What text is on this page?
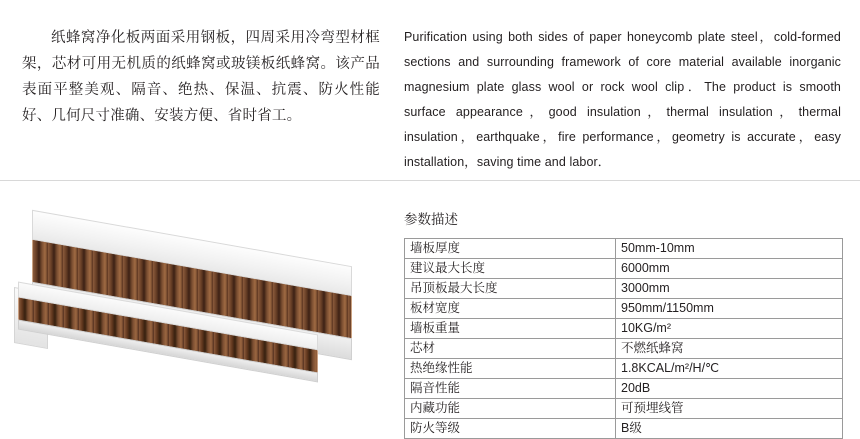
纸蜂窝净化板两面采用钢板，四周采用冷弯型材框架，芯材可用无机质的纸蜂窝或玻镁板纸蜂窝。该产品表面平整美观、隔音、绝热、保温、抗震、防火性能好、几何尺寸准确、安装方便、省时省工。

Purification using both sides of paper honeycomb plate steel，cold-formed sections and surrounding framework of core material available inorganic magnesium plate glass wool or rock wool clip．The product is smooth surface appearance，good insulation，thermal insulation，thermal insulation，earthquake，fire performance，geometry is accurate，easy installation，saving time and labor．

参数描述
墙板厚度	50mm-10mm
建议最大长度	6000mm
吊顶板最大长度	3000mm
板材宽度	950mm/1150mm
墙板重量	10KG/m²
芯材	不燃纸蜂窝
热绝缘性能	1.8KCAL/m²/H/℃
隔音性能	20dB
内藏功能	可预埋线管
防火等级	B级
